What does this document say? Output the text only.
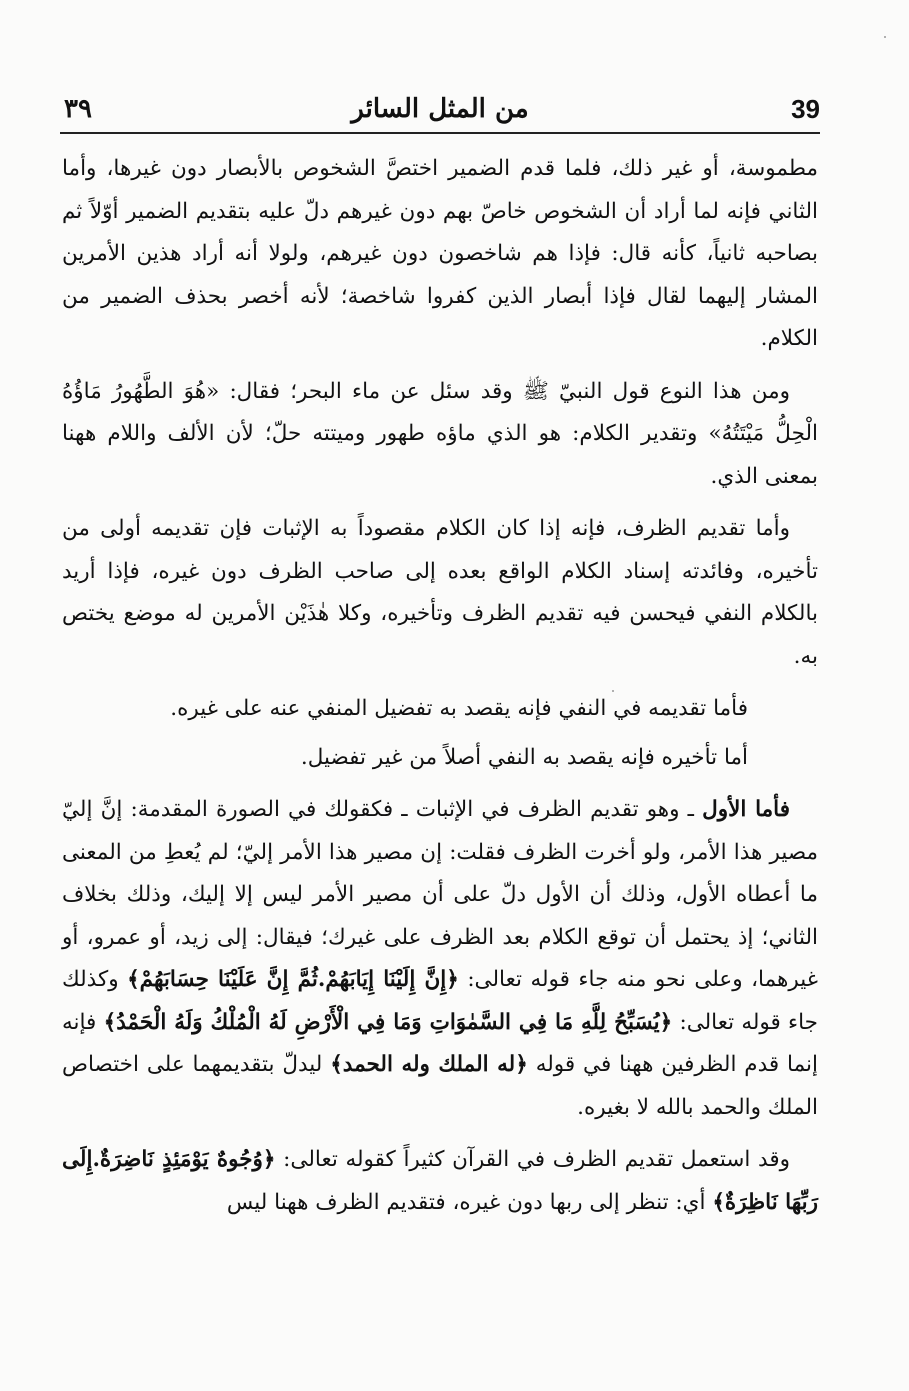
من المثل السائر	39
٣٩

مطموسة، أو غير ذلك، فلما قدم الضمير اختصَّ الشخوص بالأبصار دون غيرها، وأما الثاني فإنه لما أراد أن الشخوص خاصّ بهم دون غيرهم دلّ عليه بتقديم الضمير أوّلاً ثم بصاحبه ثانياً، كأنه قال: فإذا هم شاخصون دون غيرهم، ولولا أنه أراد هذين الأمرين المشار إليهما لقال فإذا أبصار الذين كفروا شاخصة؛ لأنه أخصر بحذف الضمير من الكلام.

ومن هذا النوع قول النبيّ ﷺ وقد سئل عن ماء البحر؛ فقال: «هُوَ الطَّهُورُ مَاؤُهُ الْحِلُّ مَيْتَتُهُ» وتقدير الكلام: هو الذي ماؤه طهور وميتته حلّ؛ لأن الألف واللام ههنا بمعنى الذي.

وأما تقديم الظرف، فإنه إذا كان الكلام مقصوداً به الإثبات فإن تقديمه أولى من تأخيره، وفائدته إسناد الكلام الواقع بعده إلى صاحب الظرف دون غيره، فإذا أريد بالكلام النفي فيحسن فيه تقديم الظرف وتأخيره، وكلا هٰذَيْن الأمرين له موضع يختص به.

فأما تقديمه في النفي فإنه يقصد به تفضيل المنفي عنه على غيره.

أما تأخيره فإنه يقصد به النفي أصلاً من غير تفضيل.

فأما الأول ـ وهو تقديم الظرف في الإثبات ـ فكقولك في الصورة المقدمة: إنَّ إليّ مصير هذا الأمر، ولو أخرت الظرف فقلت: إن مصير هذا الأمر إليّ؛ لم يُعطِ من المعنى ما أعطاه الأول، وذلك أن الأول دلّ على أن مصير الأمر ليس إلا إليك، وذلك بخلاف الثاني؛ إذ يحتمل أن توقع الكلام بعد الظرف على غيرك؛ فيقال: إلى زيد، أو عمرو، أو غيرهما، وعلى نحو منه جاء قوله تعالى: ﴿إِنَّ إِلَيْنَا إِيَابَهُمْ.ثُمَّ إِنَّ عَلَيْنَا حِسَابَهُمْ﴾ وكذلك جاء قوله تعالى: ﴿يُسَبِّحُ لِلَّهِ مَا فِي السَّمٰوَاتِ وَمَا فِي الْأَرْضِ لَهُ الْمُلْكُ وَلَهُ الْحَمْدُ﴾ فإنه إنما قدم الظرفين ههنا في قوله ﴿له الملك وله الحمد﴾ ليدلّ بتقديمهما على اختصاص الملك والحمد بالله لا بغيره.

وقد استعمل تقديم الظرف في القرآن كثيراً كقوله تعالى: ﴿وُجُوهٌ يَوْمَئِذٍ نَاضِرَةٌ.إِلَى رَبِّهَا نَاظِرَةٌ﴾ أي: تنظر إلى ربها دون غيره، فتقديم الظرف ههنا ليس
